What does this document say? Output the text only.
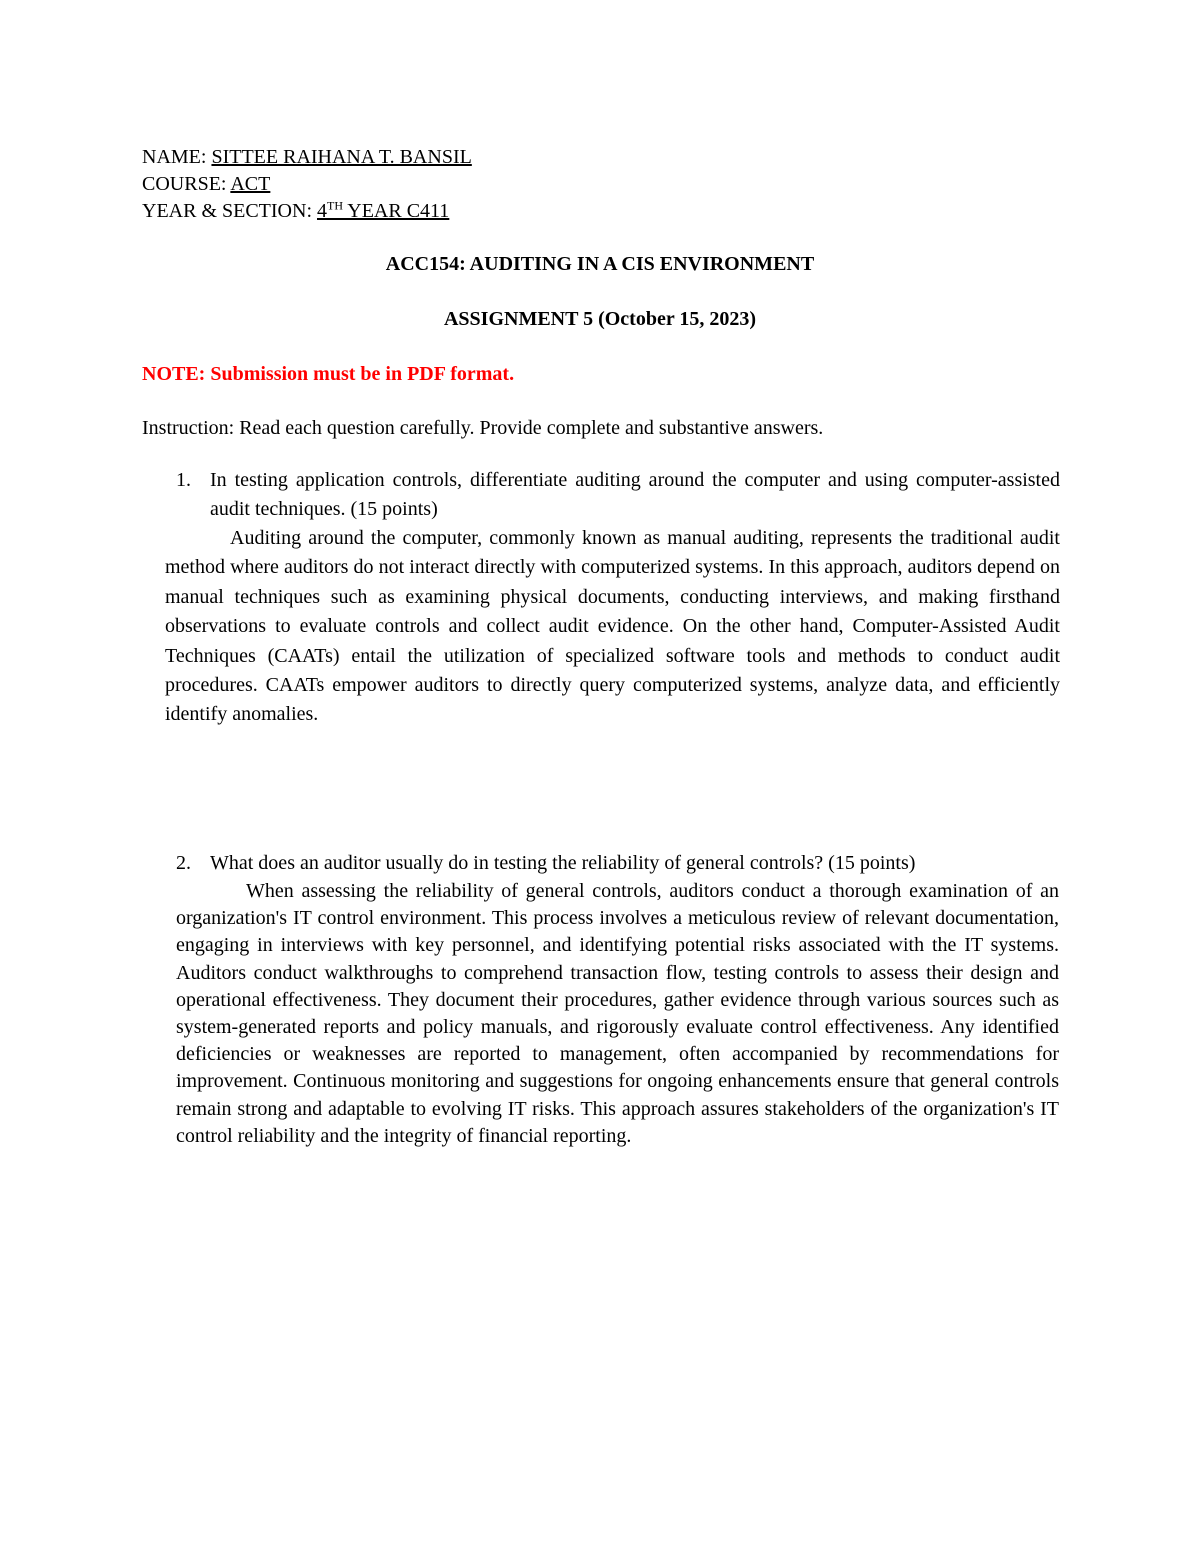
NAME: SITTEE RAIHANA T. BANSIL
COURSE: ACT
YEAR & SECTION: 4TH YEAR C411
ACC154: AUDITING IN A CIS ENVIRONMENT
ASSIGNMENT 5 (October 15, 2023)
NOTE: Submission must be in PDF format.
Instruction: Read each question carefully. Provide complete and substantive answers.
1. In testing application controls, differentiate auditing around the computer and using computer-assisted audit techniques. (15 points)
Auditing around the computer, commonly known as manual auditing, represents the traditional audit method where auditors do not interact directly with computerized systems. In this approach, auditors depend on manual techniques such as examining physical documents, conducting interviews, and making firsthand observations to evaluate controls and collect audit evidence. On the other hand, Computer-Assisted Audit Techniques (CAATs) entail the utilization of specialized software tools and methods to conduct audit procedures. CAATs empower auditors to directly query computerized systems, analyze data, and efficiently identify anomalies.
2. What does an auditor usually do in testing the reliability of general controls? (15 points)
When assessing the reliability of general controls, auditors conduct a thorough examination of an organization's IT control environment. This process involves a meticulous review of relevant documentation, engaging in interviews with key personnel, and identifying potential risks associated with the IT systems. Auditors conduct walkthroughs to comprehend transaction flow, testing controls to assess their design and operational effectiveness. They document their procedures, gather evidence through various sources such as system-generated reports and policy manuals, and rigorously evaluate control effectiveness. Any identified deficiencies or weaknesses are reported to management, often accompanied by recommendations for improvement. Continuous monitoring and suggestions for ongoing enhancements ensure that general controls remain strong and adaptable to evolving IT risks. This approach assures stakeholders of the organization's IT control reliability and the integrity of financial reporting.
